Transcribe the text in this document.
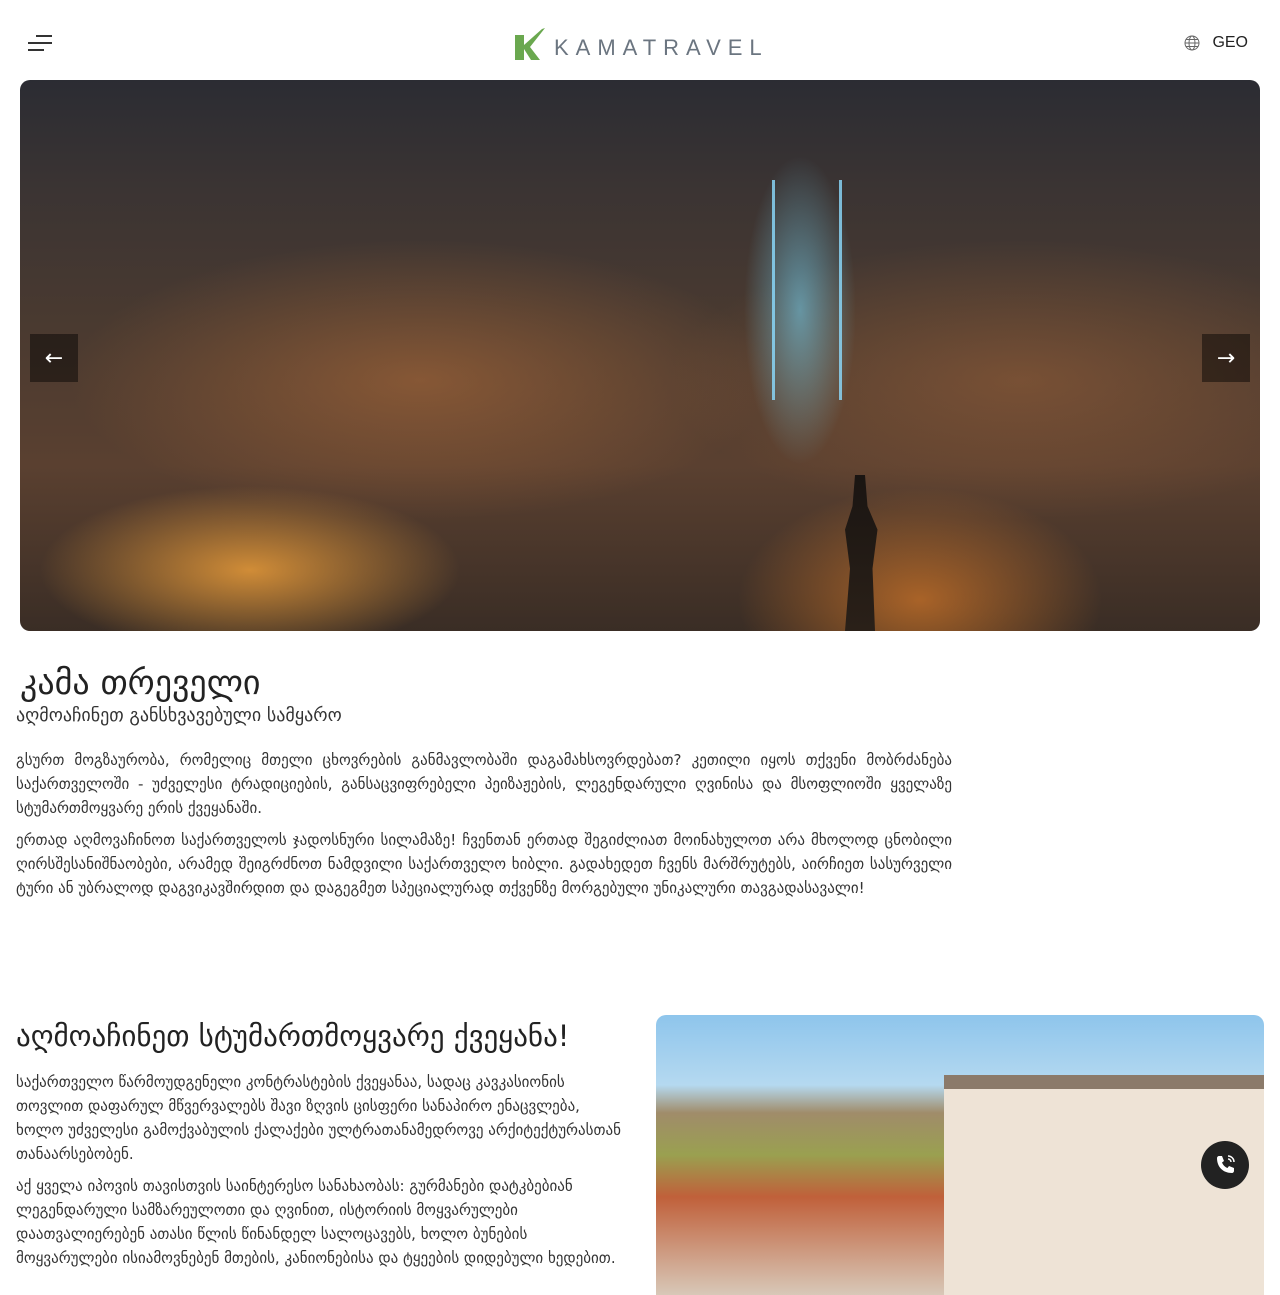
KAMATRAVEL	GEO
←	→
კამა თრეველი
აღმოაჩინეთ განსხვავებული სამყარო

გსურთ მოგზაურობა, რომელიც მთელი ცხოვრების განმავლობაში დაგამახსოვრდებათ? კეთილი იყოს თქვენი მობრძანება საქართველოში - უძველესი ტრადიციების, განსაცვიფრებელი პეიზაჟების, ლეგენდარული ღვინისა და მსოფლიოში ყველაზე სტუმართმოყვარე ერის ქვეყანაში.

ერთად აღმოვაჩინოთ საქართველოს ჯადოსნური სილამაზე! ჩვენთან ერთად შეგიძლიათ მოინახულოთ არა მხოლოდ ცნობილი ღირსშესანიშნაობები, არამედ შეიგრძნოთ ნამდვილი საქართველო ხიბლი. გადახედეთ ჩვენს მარშრუტებს, აირჩიეთ სასურველი ტური ან უბრალოდ დაგვიკავშირდით და დაგეგმეთ სპეციალურად თქვენზე მორგებული უნიკალური თავგადასავალი!

აღმოაჩინეთ სტუმართმოყვარე ქვეყანა!

საქართველო წარმოუდგენელი კონტრასტების ქვეყანაა, სადაც კავკასიონის თოვლით დაფარულ მწვერვალებს შავი ზღვის ცისფერი სანაპირო ენაცვლება, ხოლო უძველესი გამოქვაბულის ქალაქები ულტრათანამედროვე არქიტექტურასთან თანაარსებობენ.

აქ ყველა იპოვის თავისთვის საინტერესო სანახაობას: გურმანები დატკბებიან ლეგენდარული სამზარეულოთი და ღვინით, ისტორიის მოყვარულები დაათვალიერებენ ათასი წლის წინანდელ სალოცავებს, ხოლო ბუნების მოყვარულები ისიამოვნებენ მთების, კანიონებისა და ტყეების დიდებული ხედებით.
